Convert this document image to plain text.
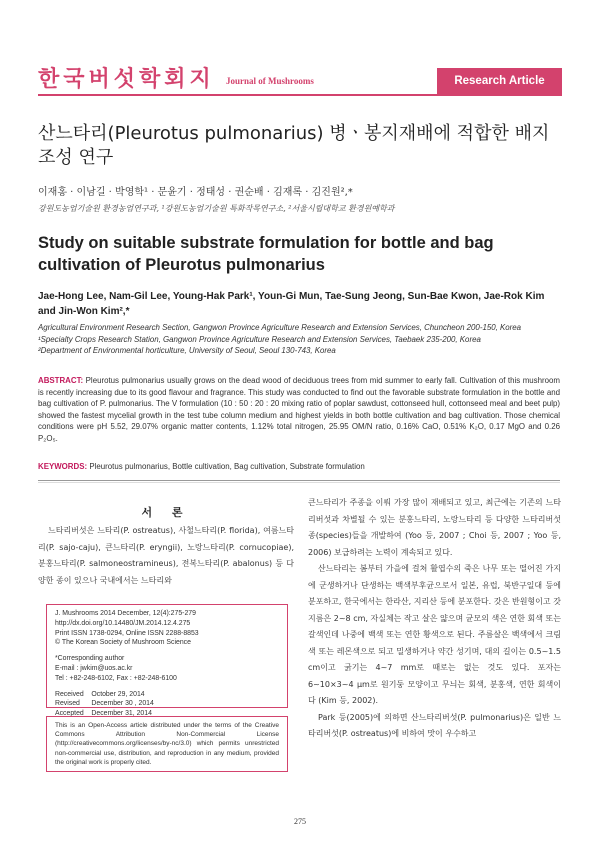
한국버섯학회지 Journal of Mushrooms	Research Article
산느타리(Pleurotus pulmonarius) 병ㆍ봉지재배에 적합한 배지조성 연구
이재홍 · 이남길 · 박영학¹ · 문윤기 · 정태성 · 권순배 · 김재록 · 김진원²,*
강원도농업기술원 환경농업연구과, ¹강원도농업기술원 특화작목연구소, ²서울시립대학교 환경원예학과
Study on suitable substrate formulation for bottle and bag cultivation of Pleurotus pulmonarius
Jae-Hong Lee, Nam-Gil Lee, Young-Hak Park¹, Youn-Gi Mun, Tae-Sung Jeong, Sun-Bae Kwon, Jae-Rok Kim and Jin-Won Kim²,*
Agricultural Environment Research Section, Gangwon Province Agriculture Research and Extension Services, Chuncheon 200-150, Korea
¹Specialty Crops Research Station, Gangwon Province Agriculture Research and Extension Services, Taebaek 235-200, Korea
²Department of Environmental horticulture, University of Seoul, Seoul 130-743, Korea
ABSTRACT: Pleurotus pulmonarius usually grows on the dead wood of deciduous trees from mid summer to early fall. Cultivation of this mushroom is recently increasing due to its good flavour and fragrance. This study was conducted to find out the favorable substrate formulation in the bottle and bag cultivation of P. pulmonarius. The V formulation (10 : 50 : 20 : 20 mixing ratio of poplar sawdust, cottonseed hull, cottonseed meal and beet pulp) showed the fastest mycelial growth in the test tube column medium and highest yields in both bottle cultivation and bag cultivation. Those chemical conditions were pH 5.52, 29.07% organic matter contents, 1.12% total nitrogen, 25.95 OM/N ratio, 0.16% CaO, 0.51% K₂O, 0.17 MgO and 0.26 P₂O₅.
KEYWORDS: Pleurotus pulmonarius, Bottle cultivation, Bag cultivation, Substrate formulation
서 론

느타리버섯은 느타리(P. ostreatus), 사철느타리(P. florida), 여름느타리(P. sajo-caju), 큰느타리(P. eryngii), 노랑느타리(P. cornucopiae), 분홍느타리(P. salmoneostramineus), 전복느타리(P. abalonus) 등 다양한 종이 있으나 국내에서는 느타리와

J. Mushrooms 2014 December, 12(4):275-279
http://dx.doi.org/10.14480/JM.2014.12.4.275
Print ISSN 1738-0294, Online ISSN 2288-8853
© The Korean Society of Mushroom Science
*Corresponding author
E-mail : jwkim@uos.ac.kr
Tel : +82-248-6102, Fax : +82-248-6100
Received    October 29, 2014
Revised      December 30 , 2014
Accepted    December 31, 2014
This is an Open-Access article distributed under the terms of the Creative Commons Attribution Non-Commercial License (http://creativecommons.org/licenses/by-nc/3.0) which permits unrestricted non-commercial use, distribution, and reproduction in any medium, provided the original work is properly cited.

큰느타리가 주종을 이뤄 가장 많이 재배되고 있고, 최근에는 기존의 느타리버섯과 차별될 수 있는 분홍느타리, 노랑느타리 등 다양한 느타리버섯 종(species)들을 개발하여 (Yoo 등, 2007 ; Choi 등, 2007 ; Yoo 등, 2006) 보급하려는 노력이 계속되고 있다.

산느타리는 봄부터 가을에 걸쳐 활엽수의 죽은 나무 또는 떨어진 가지에 군생하거나 단생하는 백색부후균으로서 일본, 유럽, 북반구일대 등에 분포하고, 한국에서는 한라산, 지리산 등에 분포한다. 갓은 반원형이고 갓 지름은 2~8 cm, 자실체는 작고 살은 얇으며 균모의 색은 연한 회색 또는 갈색인데 나중에 백색 또는 연한 황색으로 된다. 주름살은 백색에서 크림색 또는 레몬색으로 되고 밀생하거나 약간 성기며, 대의 길이는 0.5~1.5 cm이고 굵기는 4~7 mm로 때로는 없는 것도 있다. 포자는 6~10×3~4 μm로 원기둥 모양이고 무늬는 회색, 분홍색, 연한 회색이다 (Kim 등, 2002).

Park 등(2005)에 의하면 산느타리버섯(P. pulmonarius)은 일반 느타리버섯(P. ostreatus)에 비하여 맛이 우수하고

275
